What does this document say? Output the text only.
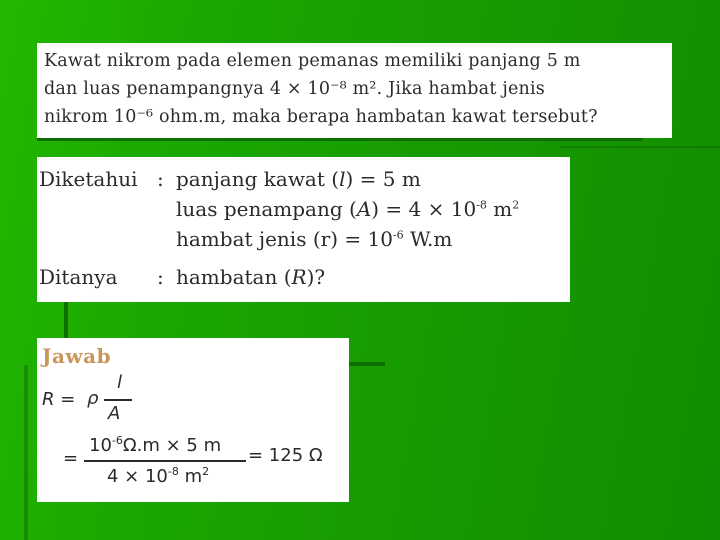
Kawat nikrom pada elemen pemanas memiliki panjang 5 m
dan luas penampangnya 4 × 10⁻⁸ m². Jika hambat jenis
nikrom 10⁻⁶ ohm.m, maka berapa hambatan kawat tersebut?
Diketahui : panjang kawat (l) = 5 m
luas penampang $(A) = 4 \times 10^{-8}$ $m^2$
hambat jenis $(r) = 10^{-6}$ W.m
Ditanya : hambatan (R)?
Jawab
R = ρ
l
A
=
$10^{-6}\Omega.m \times 5$ m
$4 \times 10^{-8}$ $m^2$
= 125 Ω
